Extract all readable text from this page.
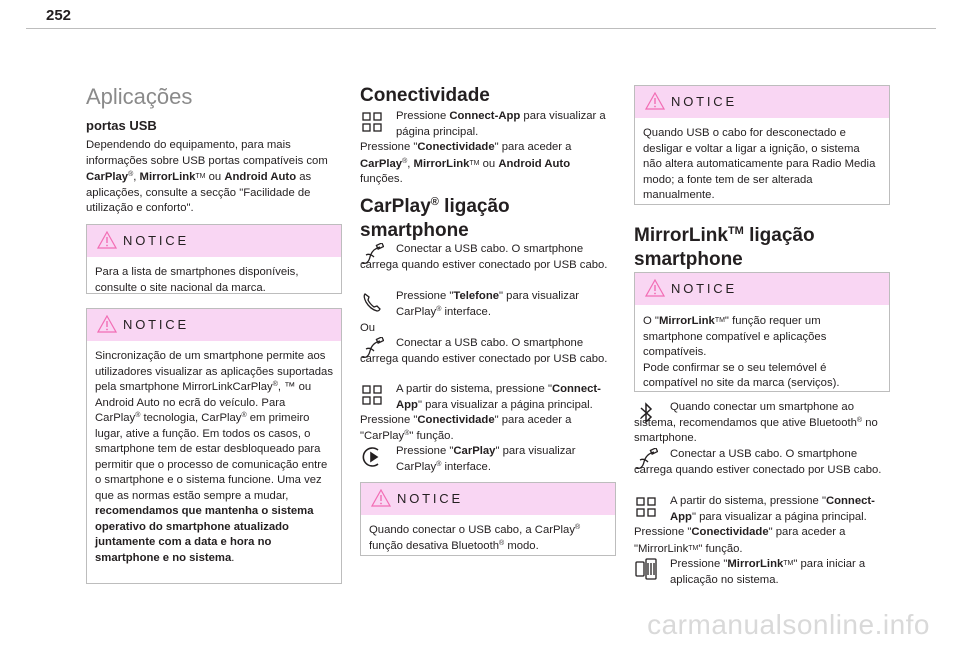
252
Aplicações
portas USB

Dependendo do equipamento, para mais informações sobre USB portas compatíveis com CarPlay®, MirrorLinkTM ou Android Auto as aplicações, consulte a secção "Facilidade de utilização e conforto".

NOTICE
Para a lista de smartphones disponíveis, consulte o site nacional da marca.
NOTICE
Sincronização de um smartphone permite aos utilizadores visualizar as aplicações suportadas pela smartphone MirrorLinkCarPlay®, ™ ou Android Auto no ecrã do veículo. Para CarPlay® tecnologia, CarPlay® em primeiro lugar, ative a função. Em todos os casos, o smartphone tem de estar desbloqueado para permitir que o processo de comunicação entre o smartphone e o sistema funcione. Uma vez que as normas estão sempre a mudar, recomendamos que mantenha o sistema operativo do smartphone atualizado juntamente com a data e hora no smartphone e no sistema.
Conectividade
Pressione Connect-App para visualizar a página principal.

Pressione "Conectividade" para aceder a CarPlay®, MirrorLinkTM ou Android Auto funções.

CarPlay® ligação smartphone
Conectar a USB cabo. O smartphone carrega quando estiver conectado por USB cabo.
Pressione "Telefone" para visualizar CarPlay® interface.
Ou
Conectar a USB cabo. O smartphone carrega quando estiver conectado por USB cabo.
A partir do sistema, pressione "Connect-App" para visualizar a página principal.

Pressione "Conectividade" para aceder a "CarPlay®" função.

Pressione "CarPlay" para visualizar CarPlay® interface.
NOTICE
Quando conectar o USB cabo, a CarPlay® função desativa Bluetooth® modo.
NOTICE
Quando USB o cabo for desconectado e desligar e voltar a ligar a ignição, o sistema não altera automaticamente para Radio Media modo; a fonte tem de ser alterada manualmente.
MirrorLink™ ligação smartphone
NOTICE
O "MirrorLinkTM" função requer um smartphone compatível e aplicações compatíveis.
Pode confirmar se o seu telemóvel é compatível no site da marca (serviços).
Quando conectar um smartphone ao sistema, recomendamos que ative Bluetooth® no smartphone.
Conectar a USB cabo. O smartphone carrega quando estiver conectado por USB cabo.
A partir do sistema, pressione "Connect-App" para visualizar a página principal.

Pressione "Conectividade" para aceder a "MirrorLinkTM" função.

Pressione "MirrorLinkTM" para iniciar a aplicação no sistema.
carmanualsonline.info
